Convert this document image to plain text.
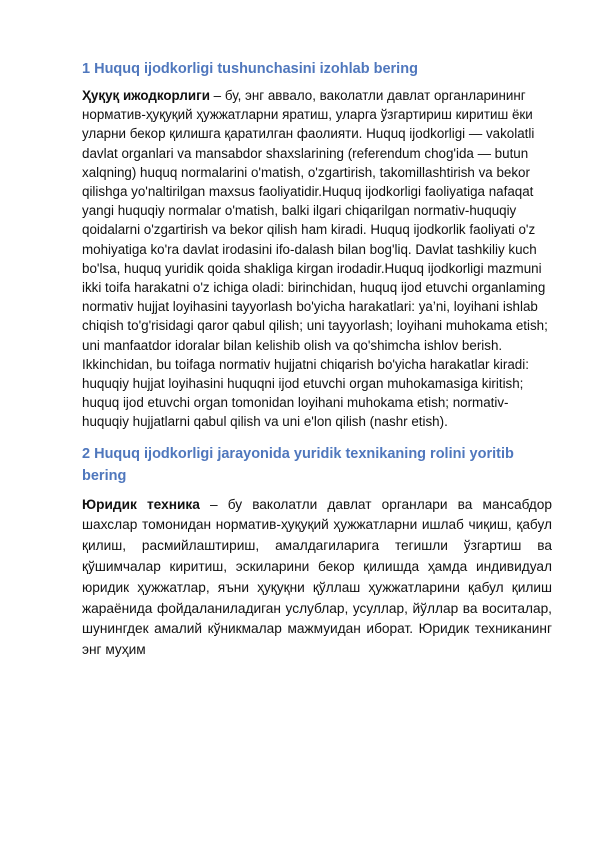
1 Huquq ijodkorligi tushunchasini izohlab bering

Ҳуқуқ ижодкорлиги – бу, энг аввало, ваколатли давлат органларининг норматив-ҳуқуқий ҳужжатларни яратиш, уларга ўзгартириш киритиш ёки уларни бекор қилишга қаратилган фаолияти. Huquq ijodkorligi — vakolatli davlat organlari va mansabdor shaxslarining (referendum chog'ida — butun xalqning) huquq normalarini o'matish, o'zgartirish, takomillashtirish va bekor qilishga yo'naltirilgan maxsus faoliyatidir.Huquq ijodkorligi faoliyatiga nafaqat yangi huquqiy normalar o'matish, balki ilgari chiqarilgan normativ-huquqiy qoidalarni o'zgartirish va bekor qilish ham kiradi. Huquq ijodkorlik faoliyati o'z mohiyatiga ko'ra davlat irodasini ifo-dalash bilan bog'liq. Davlat tashkiliy kuch bo'lsa, huquq yuridik qoida shakliga kirgan irodadir.Huquq ijodkorligi mazmuni ikki toifa harakatni o'z ichiga oladi: birinchidan, huquq ijod etuvchi organlaming normativ hujjat loyihasini tayyorlash bo'yicha harakatlari: ya’ni, loyihani ishlab chiqish to'g'risidagi qaror qabul qilish; uni tayyorlash; loyihani muhokama etish; uni manfaatdor idoralar bilan kelishib olish va qo'shimcha ishlov berish. Ikkinchidan, bu toifaga normativ hujjatni chiqarish bo'yicha harakatlar kiradi: huquqiy hujjat loyihasini huquqni ijod etuvchi organ muhokamasiga kiritish; huquq ijod etuvchi organ tomonidan loyihani muhokama etish; normativ-huquqiy hujjatlarni qabul qilish va uni e'lon qilish (nashr etish).

2 Huquq ijodkorligi jarayonida yuridik texnikaning rolini yoritib bering

Юридик техника – бу ваколатли давлат органлари ва мансабдор шахслар томонидан норматив-ҳуқуқий ҳужжатларни ишлаб чиқиш, қабул қилиш, расмийлаштириш, амалдагиларига тегишли ўзгартиш ва қўшимчалар киритиш, эскиларини бекор қилишда ҳамда индивидуал юридик ҳужжатлар, яъни ҳуқуқни қўллаш ҳужжатларини қабул қилиш жараёнида фойдаланиладиган услублар, усуллар, йўллар ва воситалар, шунингдек амалий кўникмалар мажмуидан иборат. Юридик техниканинг энг муҳим
